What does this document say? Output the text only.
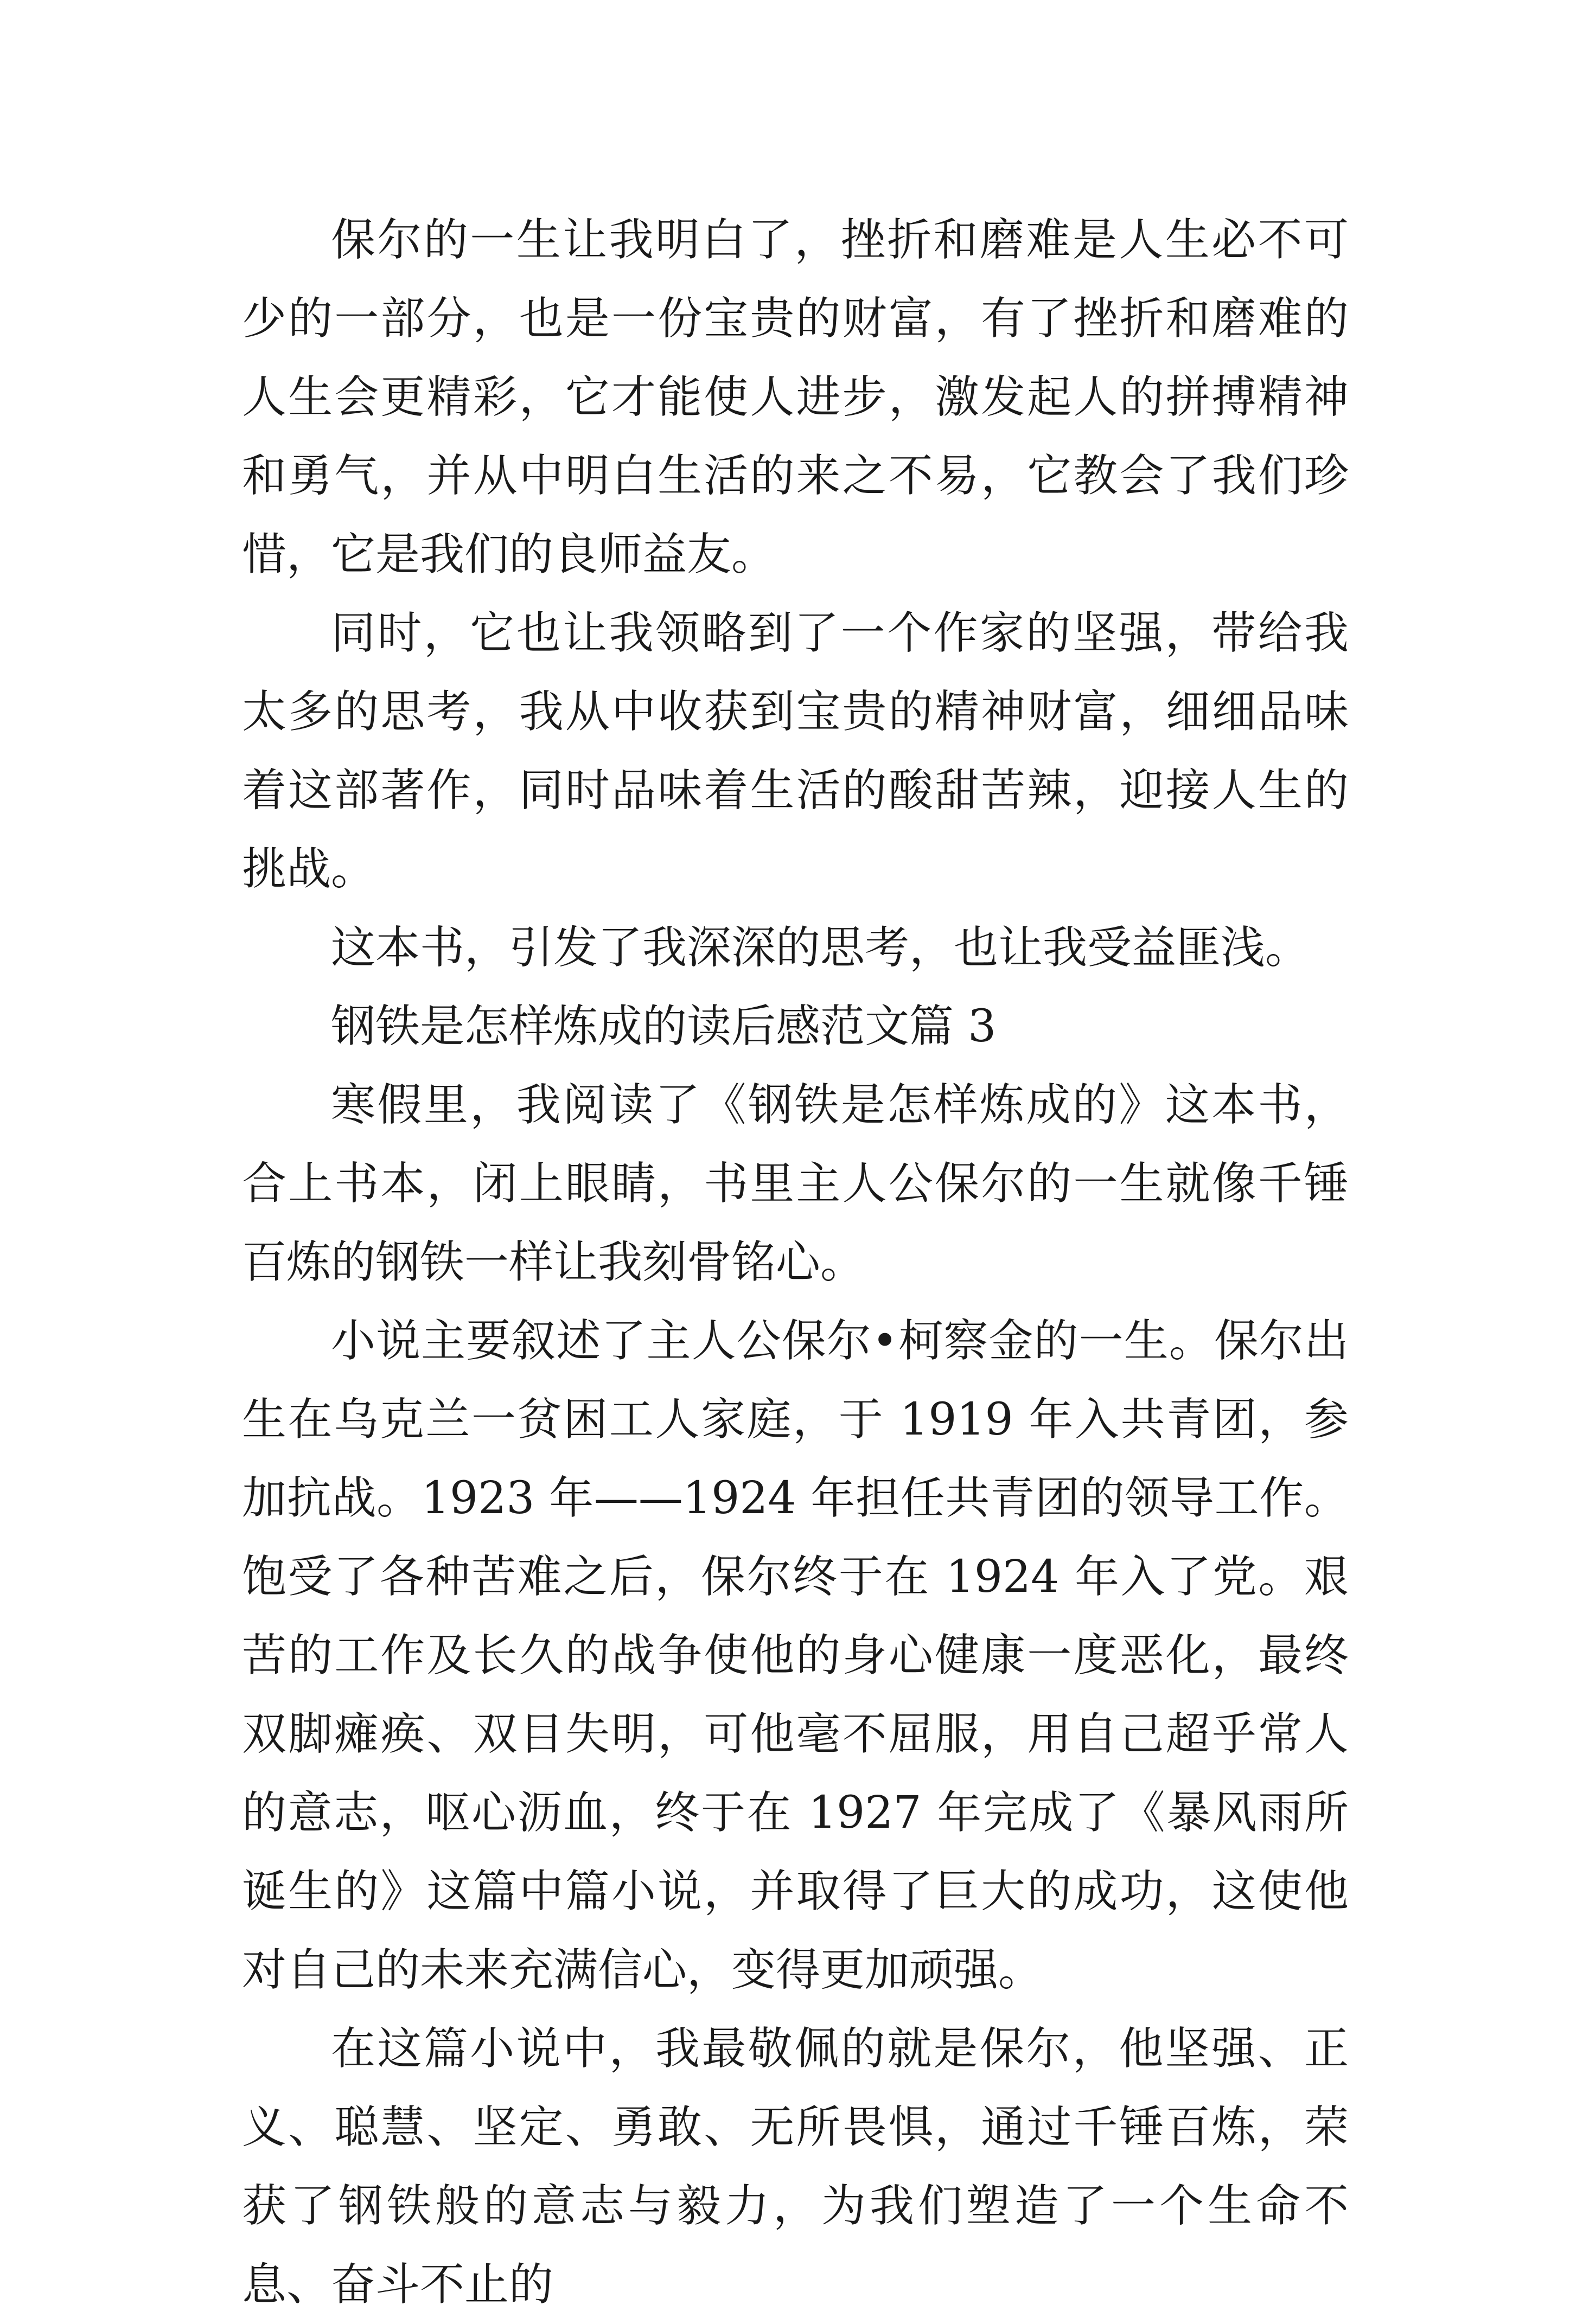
保尔的一生让我明白了，挫折和磨难是人生必不可少的一部分，也是一份宝贵的财富，有了挫折和磨难的人生会更精彩，它才能使人进步，激发起人的拼搏精神和勇气，并从中明白生活的来之不易，它教会了我们珍惜，它是我们的良师益友。

同时，它也让我领略到了一个作家的坚强，带给我太多的思考，我从中收获到宝贵的精神财富，细细品味着这部著作，同时品味着生活的酸甜苦辣，迎接人生的挑战。

这本书，引发了我深深的思考，也让我受益匪浅。

钢铁是怎样炼成的读后感范文篇 3

寒假里，我阅读了《钢铁是怎样炼成的》这本书，合上书本，闭上眼睛，书里主人公保尔的一生就像千锤百炼的钢铁一样让我刻骨铭心。

小说主要叙述了主人公保尔•柯察金的一生。保尔出生在乌克兰一贫困工人家庭，于 1919 年入共青团，参加抗战。1923 年——1924 年担任共青团的领导工作。饱受了各种苦难之后，保尔终于在 1924 年入了党。艰苦的工作及长久的战争使他的身心健康一度恶化，最终双脚瘫痪、双目失明，可他毫不屈服，用自己超乎常人的意志，呕心沥血，终于在 1927 年完成了《暴风雨所诞生的》这篇中篇小说，并取得了巨大的成功，这使他对自己的未来充满信心，变得更加顽强。

在这篇小说中，我最敬佩的就是保尔，他坚强、正义、聪慧、坚定、勇敢、无所畏惧，通过千锤百炼，荣获了钢铁般的意志与毅力，为我们塑造了一个生命不息、奋斗不止的
